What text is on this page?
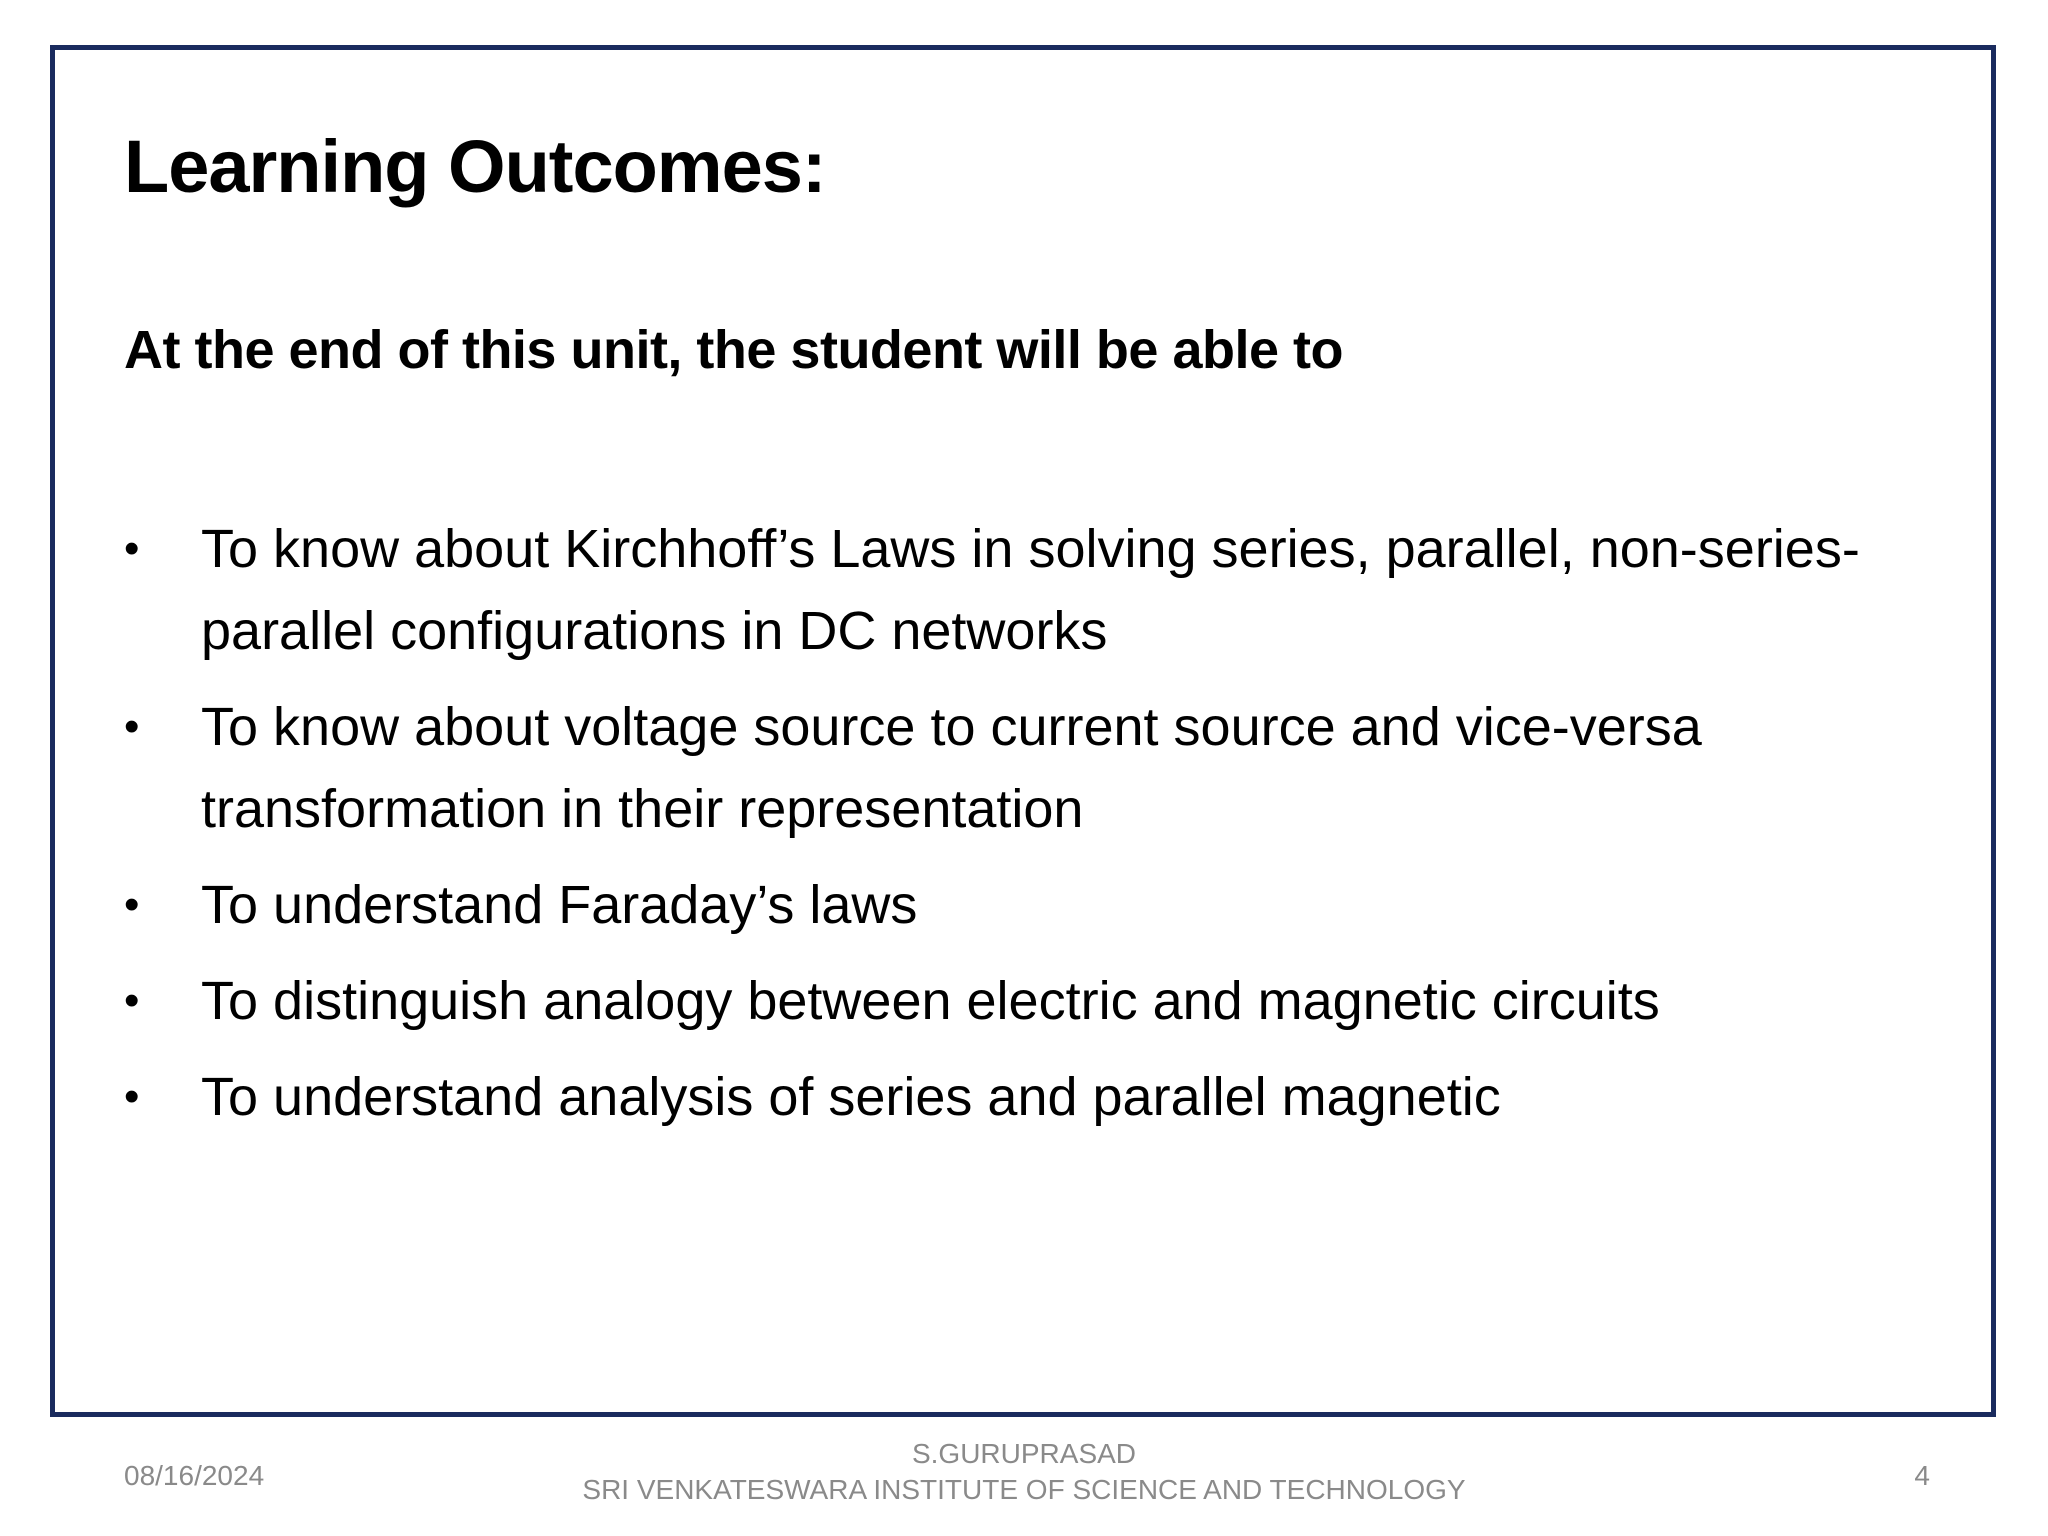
Learning Outcomes:

At the end of this unit, the student will be able to

• To know about Kirchhoff’s Laws in solving series, parallel, non-series-parallel configurations in DC networks
• To know about voltage source to current source and vice-versa transformation in their representation
• To understand Faraday’s laws
• To distinguish analogy between electric and magnetic circuits
• To understand analysis of series and parallel magnetic
08/16/2024
S.GURUPRASAD
SRI VENKATESWARA INSTITUTE OF SCIENCE AND TECHNOLOGY	4
